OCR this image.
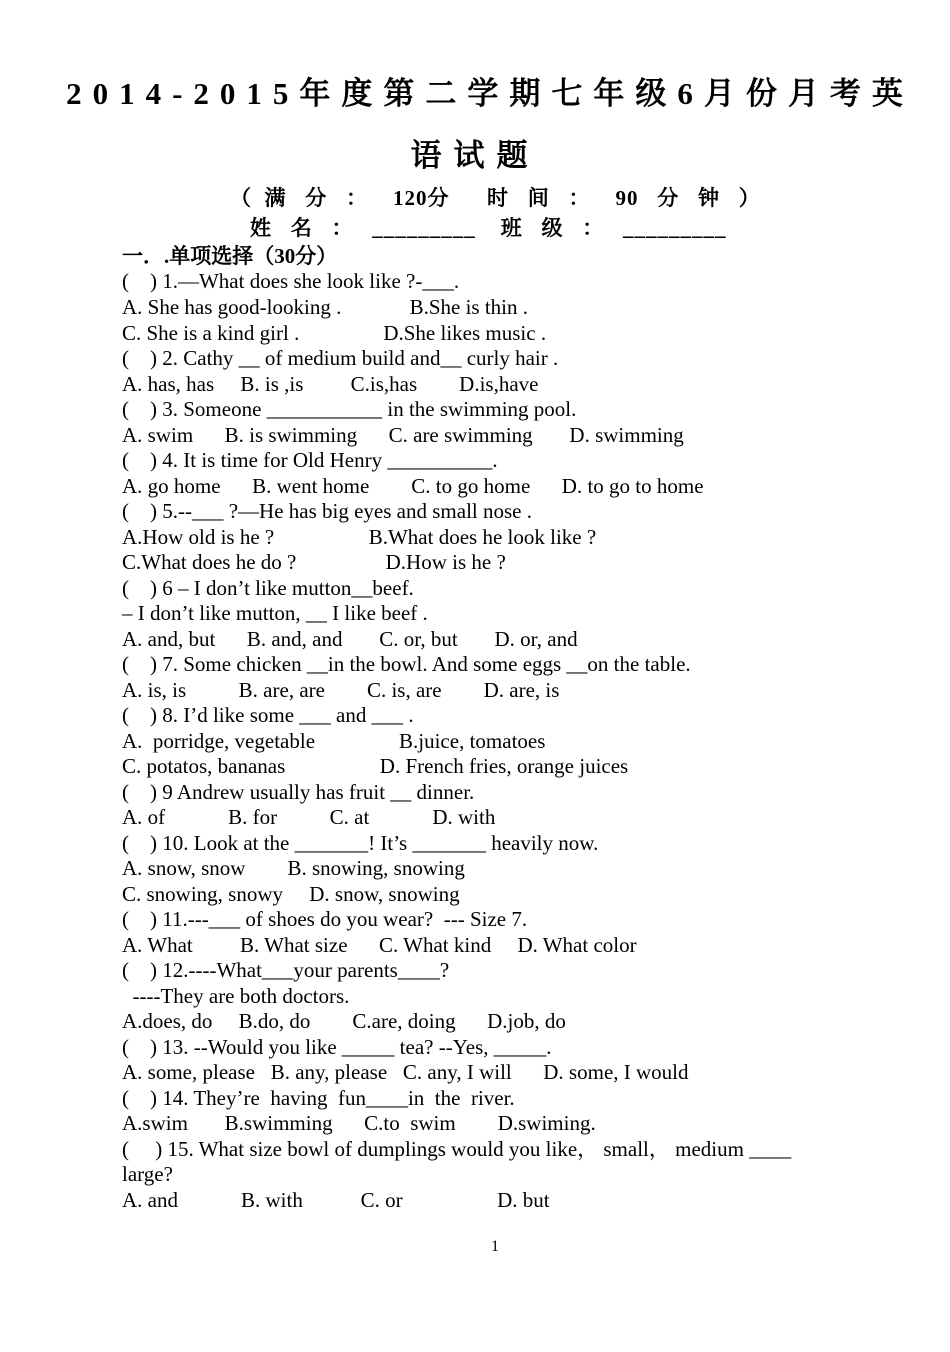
2014-2015年度第二学期七年级6月份月考英
语试题
（  满   分   ：    120分      时   间   ：    90   分   钟   ）
姓   名   ：   _________    班   级   ：   _________
一．.单项选择（30分）
(    ) 1.—What does she look like ?-___.
A. She has good-looking .             B.She is thin .
C. She is a kind girl .                D.She likes music .
(    ) 2. Cathy __ of medium build and__ curly hair .
A. has, has     B. is ,is         C.is,has        D.is,have
(    ) 3. Someone ___________ in the swimming pool.
A. swim      B. is swimming      C. are swimming       D. swimming
(    ) 4. It is time for Old Henry __________.
A. go home      B. went home        C. to go home      D. to go to home
(    ) 5.--___ ?—He has big eyes and small nose .
A.How old is he ?                  B.What does he look like ?
C.What does he do ?                 D.How is he ?
(    ) 6 – I don’t like mutton__beef.
– I don’t like mutton, __ I like beef .
A. and, but      B. and, and       C. or, but       D. or, and
(    ) 7. Some chicken __in the bowl. And some eggs __on the table.
A. is, is          B. are, are        C. is, are        D. are, is
(    ) 8. I’d like some ___ and ___ .
A.  porridge, vegetable                B.juice, tomatoes
C. potatos, bananas                  D. French fries, orange juices
(    ) 9 Andrew usually has fruit __ dinner.
A. of            B. for          C. at            D. with
(    ) 10. Look at the _______! It’s _______ heavily now.
A. snow, snow        B. snowing, snowing
C. snowing, snowy     D. snow, snowing
(    ) 11.---___ of shoes do you wear?  --- Size 7.
A. What         B. What size      C. What kind     D. What color
(    ) 12.----What___your parents____?
----They are both doctors.
A.does, do     B.do, do        C.are, doing      D.job, do
(    ) 13. --Would you like _____ tea? --Yes, _____.
A. some, please   B. any, please   C. any, I will      D. some, I would
(    ) 14. They’re  having  fun____in  the  river.
A.swim       B.swimming      C.to  swim        D.swiming.
(     ) 15. What size bowl of dumplings would you like， small， medium ____
large?
A. and            B. with           C. or                  D. but
1
